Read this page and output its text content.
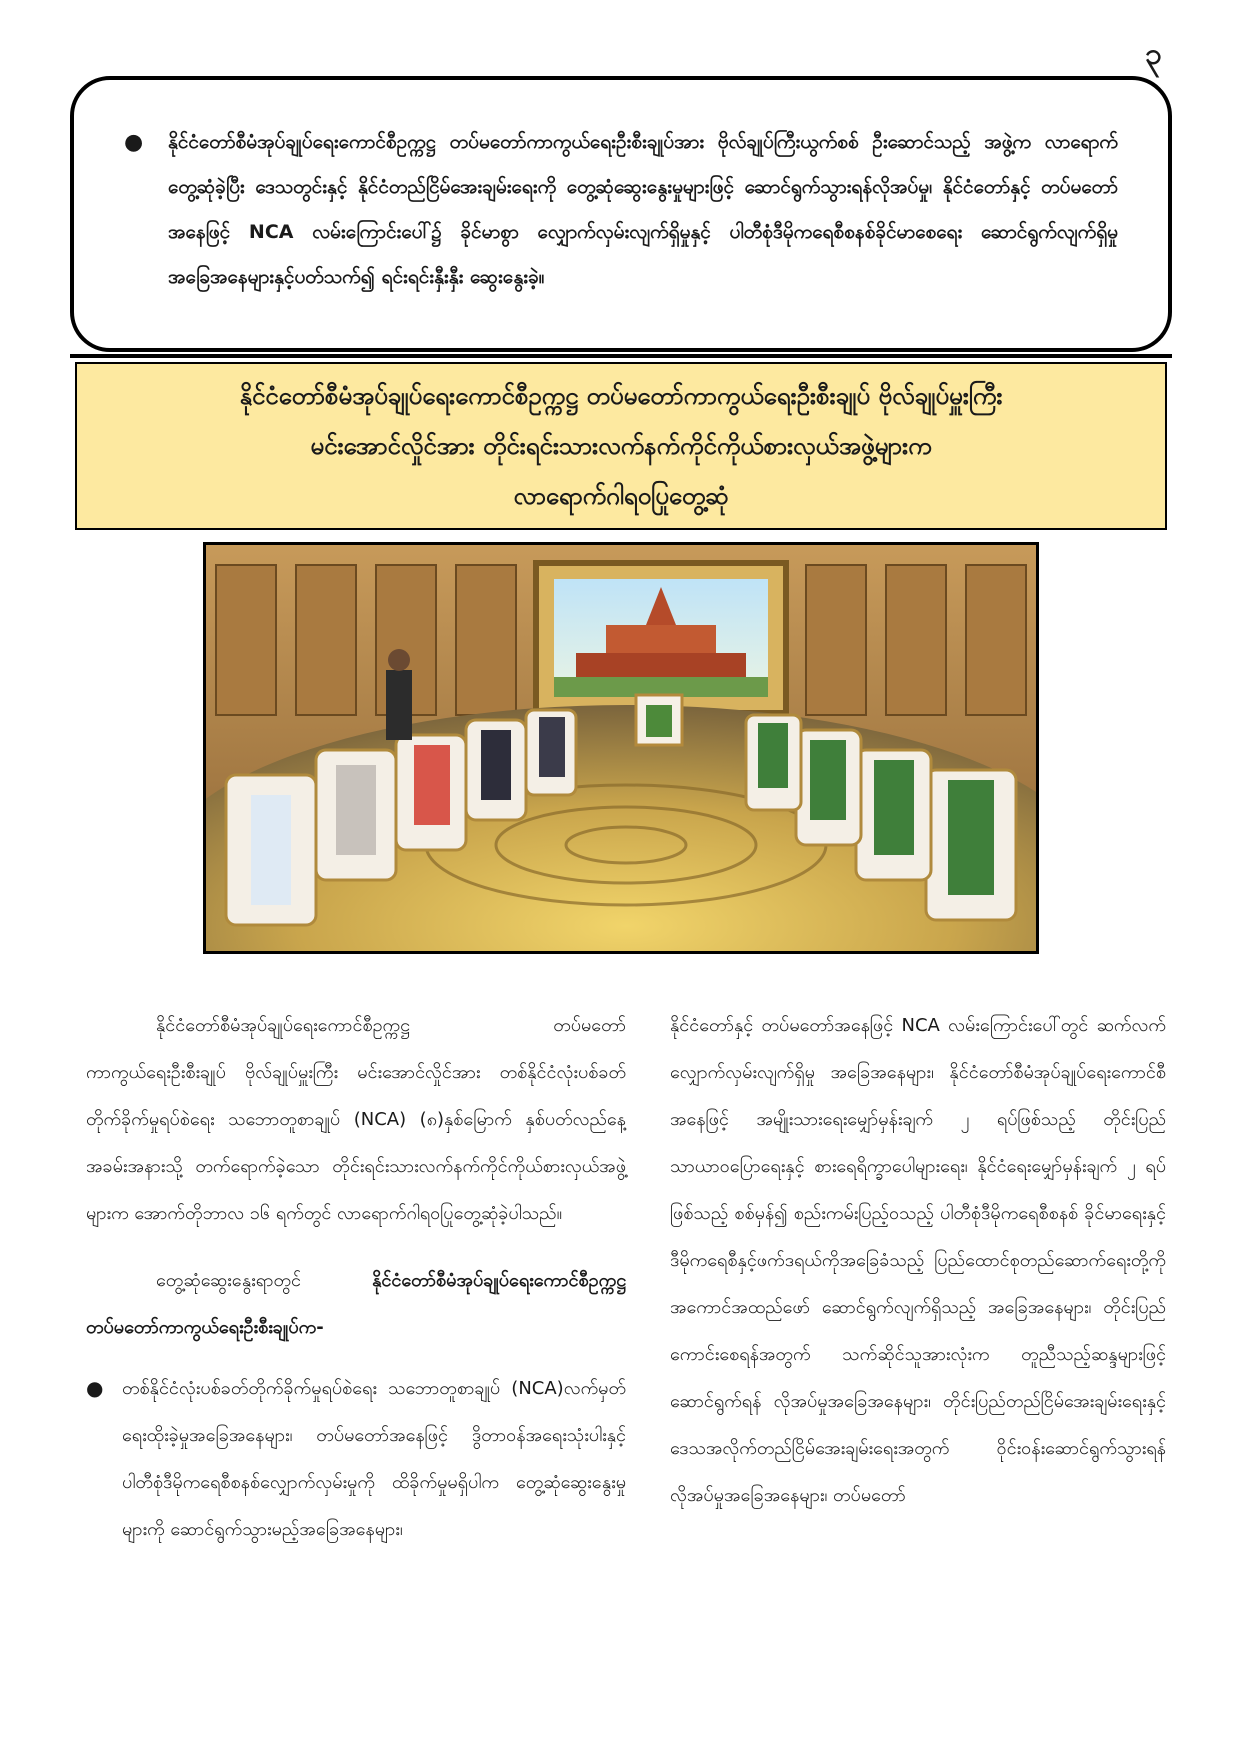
၃
●	နိုင်ငံတော်စီမံအုပ်ချုပ်ရေးကောင်စီဥက္ကဋ္ဌ တပ်မတော်ကာကွယ်ရေးဦးစီးချုပ်အား ဗိုလ်ချုပ်ကြီးယွက်စစ် ဦးဆောင်သည့် အဖွဲ့က လာရောက်တွေ့ဆုံခဲ့ပြီး ဒေသတွင်းနှင့် နိုင်ငံတည်ငြိမ်အေးချမ်းရေးကို တွေ့ဆုံဆွေးနွေးမှုများဖြင့် ဆောင်ရွက်သွားရန်လိုအပ်မှု၊ နိုင်ငံတော်နှင့် တပ်မတော်အနေဖြင့် NCA လမ်းကြောင်းပေါ်၌ ခိုင်မာစွာ လျှောက်လှမ်းလျက်ရှိမှုနှင့် ပါတီစုံဒီမိုကရေစီစနစ်ခိုင်မာစေရေး ဆောင်ရွက်လျက်ရှိမှု အခြေအနေများနှင့်ပတ်သက်၍ ရင်းရင်းနှီးနှီး ဆွေးနွေးခဲ့။
နိုင်ငံတော်စီမံအုပ်ချုပ်ရေးကောင်စီဥက္ကဋ္ဌ တပ်မတော်ကာကွယ်ရေးဦးစီးချုပ် ဗိုလ်ချုပ်မှူးကြီး
မင်းအောင်လှိုင်အား တိုင်းရင်းသားလက်နက်ကိုင်ကိုယ်စားလှယ်အဖွဲ့များက
လာရောက်ဂါရဝပြုတွေ့ဆုံ

နိုင်ငံတော်စီမံအုပ်ချုပ်ရေးကောင်စီဥက္ကဋ္ဌ တပ်မတော်ကာကွယ်ရေးဦးစီးချုပ် ဗိုလ်ချုပ်မှူးကြီး မင်းအောင်လှိုင်အား တစ်နိုင်ငံလုံးပစ်ခတ်တိုက်ခိုက်မှုရပ်စဲရေး သဘောတူစာချုပ် (NCA) (၈)နှစ်မြောက် နှစ်ပတ်လည်နေ့အခမ်းအနားသို့ တက်ရောက်ခဲ့သော တိုင်းရင်းသားလက်နက်ကိုင်ကိုယ်စားလှယ်အဖွဲ့များက အောက်တိုဘာလ ၁၆ ရက်တွင် လာရောက်ဂါရဝပြုတွေ့ဆုံခဲ့ပါသည်။

တွေ့ဆုံဆွေးနွေးရာတွင်	နိုင်ငံတော်စီမံအုပ်ချုပ်ရေးကောင်စီဥက္ကဋ္ဌ တပ်မတော်ကာကွယ်ရေးဦးစီးချုပ်က-

●	တစ်နိုင်ငံလုံးပစ်ခတ်တိုက်ခိုက်မှုရပ်စဲရေး သဘောတူစာချုပ် (NCA)လက်မှတ်ရေးထိုးခဲ့မှုအခြေအနေများ၊ တပ်မတော်အနေဖြင့် ဒွိတာဝန်အရေးသုံးပါးနှင့် ပါတီစုံဒီမိုကရေစီစနစ်လျှောက်လှမ်းမှုကို ထိခိုက်မှုမရှိပါက တွေ့ဆုံဆွေးနွေးမှုများကို ဆောင်ရွက်သွားမည့်အခြေအနေများ၊

နိုင်ငံတော်နှင့် တပ်မတော်အနေဖြင့် NCA လမ်းကြောင်းပေါ်တွင် ဆက်လက်လျှောက်လှမ်းလျက်ရှိမှု အခြေအနေများ၊ နိုင်ငံတော်စီမံအုပ်ချုပ်ရေးကောင်စီအနေဖြင့် အမျိုးသားရေးမျှော်မှန်းချက် ၂ ရပ်ဖြစ်သည့် တိုင်းပြည်သာယာဝပြောရေးနှင့် စားရေရိက္ခာပေါများရေး၊ နိုင်ငံရေးမျှော်မှန်းချက် ၂ ရပ်ဖြစ်သည့် စစ်မှန်၍ စည်းကမ်းပြည့်ဝသည့် ပါတီစုံဒီမိုကရေစီစနစ် ခိုင်မာရေးနှင့် ဒီမိုကရေစီနှင့်ဖက်ဒရယ်ကိုအခြေခံသည့် ပြည်ထောင်စုတည်ဆောက်ရေးတို့ကို အကောင်အထည်ဖော် ဆောင်ရွက်လျက်ရှိသည့် အခြေအနေများ၊ တိုင်းပြည်ကောင်းစေရန်အတွက် သက်ဆိုင်သူအားလုံးက တူညီသည့်ဆန္ဒများဖြင့် ဆောင်ရွက်ရန် လိုအပ်မှုအခြေအနေများ၊ တိုင်းပြည်တည်ငြိမ်အေးချမ်းရေးနှင့် ဒေသအလိုက်တည်ငြိမ်အေးချမ်းရေးအတွက် ဝိုင်းဝန်းဆောင်ရွက်သွားရန် လိုအပ်မှုအခြေအနေများ၊ တပ်မတော်
